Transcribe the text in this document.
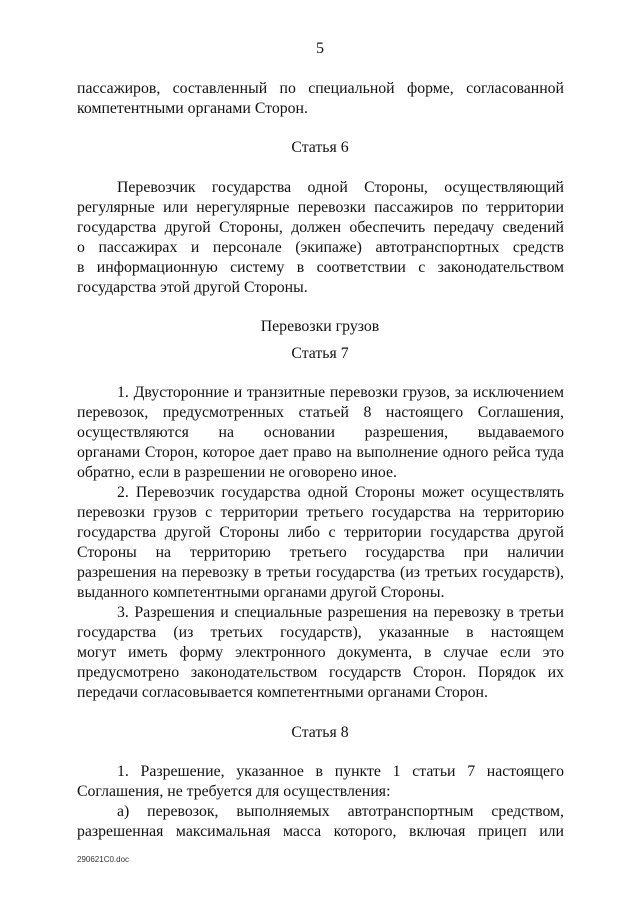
5
пассажиров, составленный по специальной форме, согласованной
компетентными органами Сторон.
Статья 6
Перевозчик государства одной Стороны, осуществляющий
регулярные или нерегулярные перевозки пассажиров по территории
государства другой Стороны, должен обеспечить передачу сведений
о пассажирах и персонале (экипаже) автотранспортных средств
в информационную систему в соответствии с законодательством
государства этой другой Стороны.
Перевозки грузов
Статья 7
1. Двусторонние и транзитные перевозки грузов, за исключением
перевозок, предусмотренных статьей 8 настоящего Соглашения,
осуществляются на основании разрешения, выдаваемого
органами Сторон, которое дает право на выполнение одного рейса туда
обратно, если в разрешении не оговорено иное.
2. Перевозчик государства одной Стороны может осуществлять
перевозки грузов с территории третьего государства на территорию
государства другой Стороны либо с территории государства другой
Стороны на территорию третьего государства при наличии
разрешения на перевозку в третьи государства (из третьих государств),
выданного компетентными органами другой Стороны.
3. Разрешения и специальные разрешения на перевозку в третьи
государства (из третьих государств), указанные в настоящем
могут иметь форму электронного документа, в случае если это
предусмотрено законодательством государств Сторон. Порядок их
передачи согласовывается компетентными органами Сторон.
Статья 8
1. Разрешение, указанное в пункте 1 статьи 7 настоящего
Соглашения, не требуется для осуществления:
а) перевозок, выполняемых автотранспортным средством,
разрешенная максимальная масса которого, включая прицеп или
290621C0.doc
